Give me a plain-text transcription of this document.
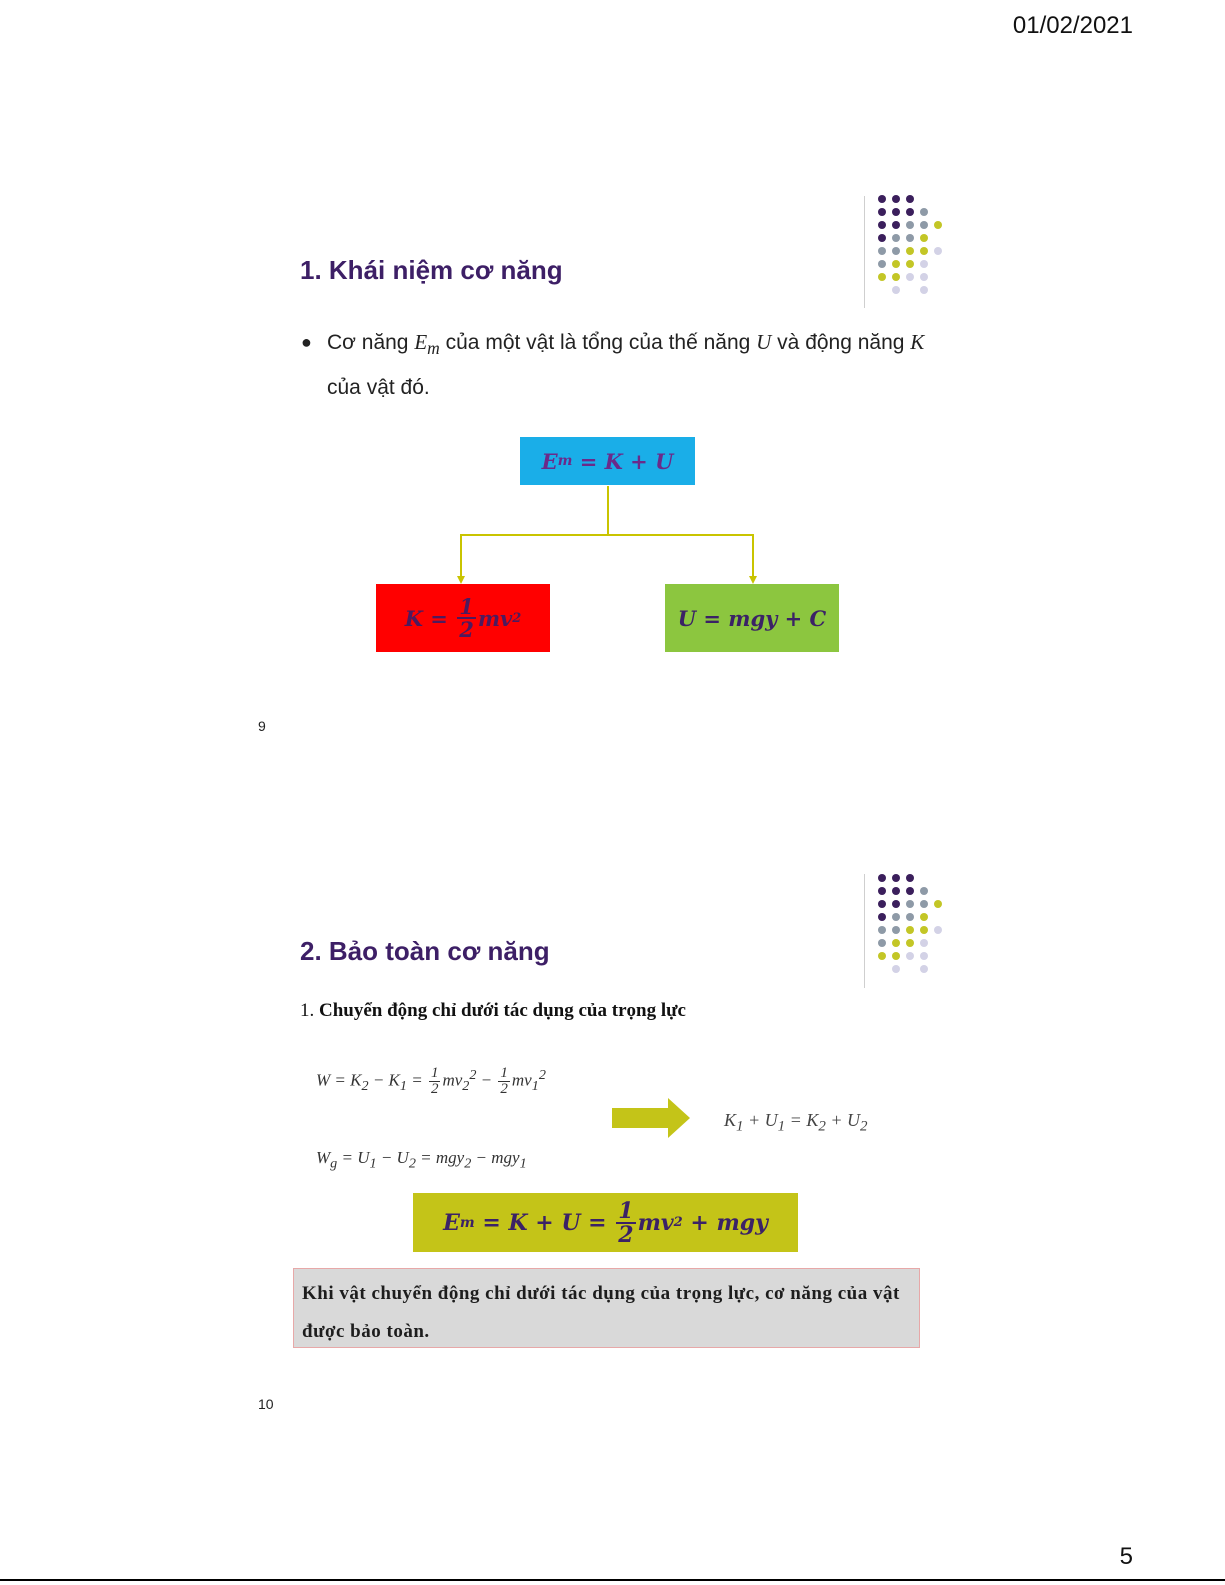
01/02/2021
5
1. Khái niệm cơ năng
● Cơ năng $E_m$ của một vật là tổng của thế năng U và động năng K của vật đó.
E m = K + U
$K = \frac{1}{2}$ mv 2	U = mgy + C
9
2. Bảo toàn cơ năng
1. Chuyển động chỉ dưới tác dụng của trọng lực
$W = K_2 - K_1 = \frac{1}{2} mv_2^2 - \frac{1}{2} mv_1^2$
$W_g = U_1 - U_2 = mgy_2 - mgy_1$
$K_1 + U_1 = K_2 + U_2$
E $m = K + U = \frac{1}{2}$ mv 2 + mgy
Khi vật chuyển động chỉ dưới tác dụng của trọng lực, cơ năng của vật được bảo toàn.
10
